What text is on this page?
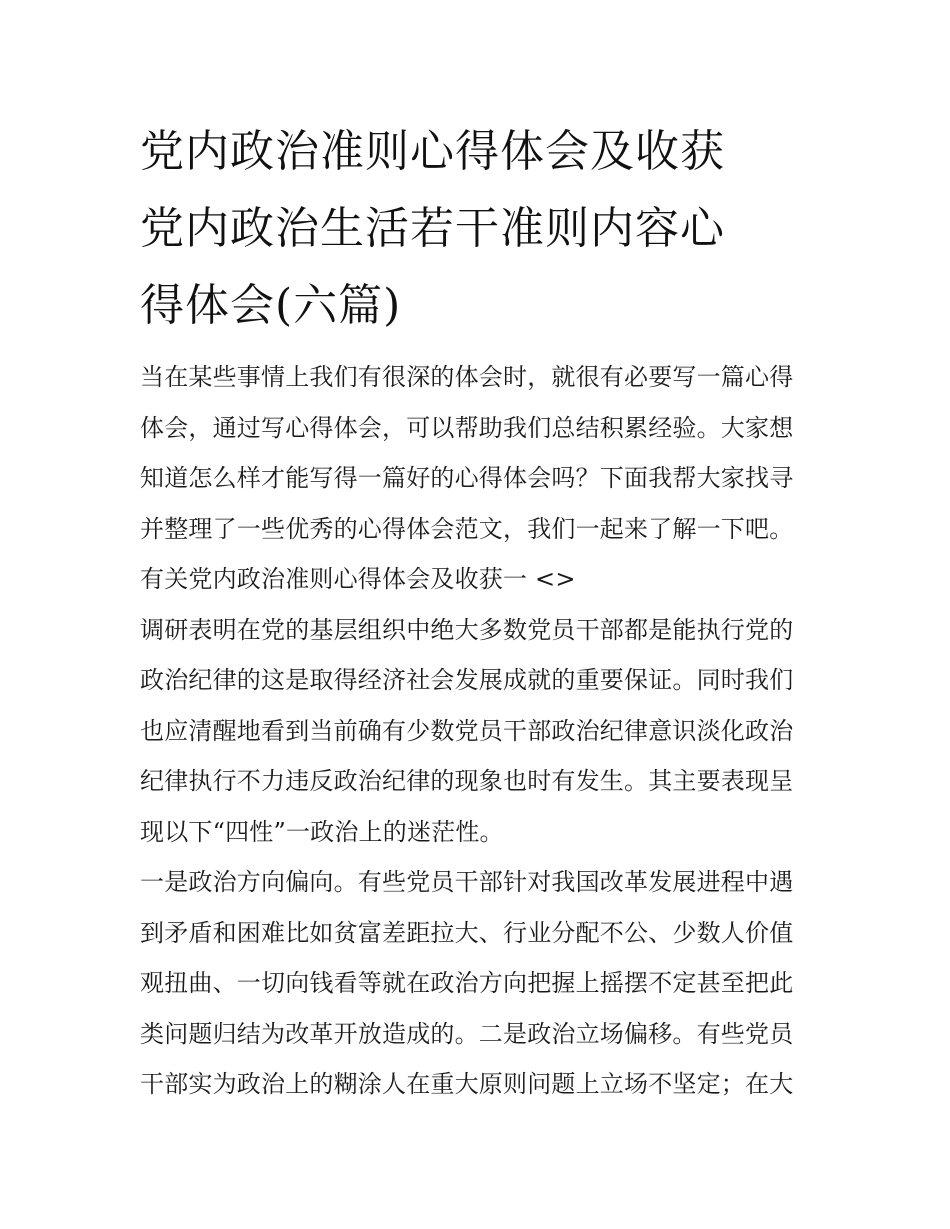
党内政治准则心得体会及收获
党内政治生活若干准则内容心
得体会(六篇)
当在某些事情上我们有很深的体会时，就很有必要写一篇心得
体会，通过写心得体会，可以帮助我们总结积累经验。大家想
知道怎么样才能写得一篇好的心得体会吗？下面我帮大家找寻
并整理了一些优秀的心得体会范文，我们一起来了解一下吧。
有关党内政治准则心得体会及收获一 <>
调研表明在党的基层组织中绝大多数党员干部都是能执行党的
政治纪律的这是取得经济社会发展成就的重要保证。同时我们
也应清醒地看到当前确有少数党员干部政治纪律意识淡化政治
纪律执行不力违反政治纪律的现象也时有发生。其主要表现呈
现以下“四性”一政治上的迷茫性。
一是政治方向偏向。有些党员干部针对我国改革发展进程中遇
到矛盾和困难比如贫富差距拉大、行业分配不公、少数人价值
观扭曲、一切向钱看等就在政治方向把握上摇摆不定甚至把此
类问题归结为改革开放造成的。二是政治立场偏移。有些党员
干部实为政治上的糊涂人在重大原则问题上立场不坚定；在大
